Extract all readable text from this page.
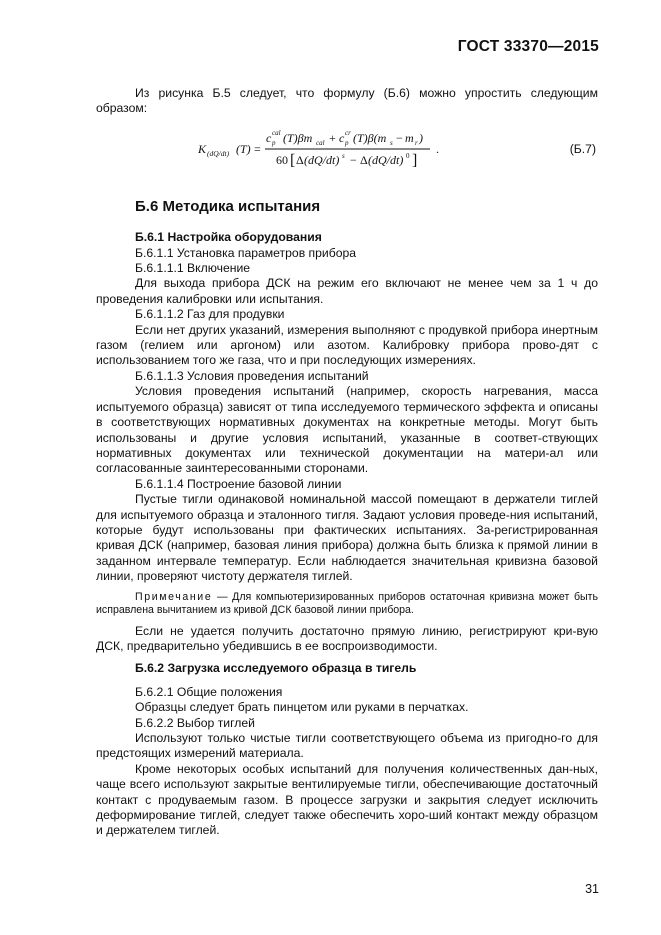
ГОСТ 33370—2015

Из рисунка Б.5 следует, что формулу (Б.6) можно упростить следующим образом:

K (dQ/dt) (T) =
c cal
p (T)βm cal + c cr
p (T)β(m s − m r )
60 [ Δ (dQ/dt) s − Δ (dQ/dt) 0 ]
.	(Б.7)
Б.6 Методика испытания
Б.6.1 Настройка оборудования
Б.6.1.1 Установка параметров прибора
Б.6.1.1.1 Включение

Для выхода прибора ДСК на режим его включают не менее чем за 1 ч до проведения калибровки или испытания.

Б.6.1.1.2 Газ для продувки

Если нет других указаний, измерения выполняют с продувкой прибора инертным газом (гелием или аргоном) или азотом. Калибровку прибора прово-дят с использованием того же газа, что и при последующих измерениях.

Б.6.1.1.3 Условия проведения испытаний

Условия проведения испытаний (например, скорость нагревания, масса испытуемого образца) зависят от типа исследуемого термического эффекта и описаны в соответствующих нормативных документах на конкретные методы. Могут быть использованы и другие условия испытаний, указанные в соответ-ствующих нормативных документах или технической документации на матери-ал или согласованные заинтересованными сторонами.

Б.6.1.1.4 Построение базовой линии

Пустые тигли одинаковой номинальной массой помещают в держатели тиглей для испытуемого образца и эталонного тигля. Задают условия проведе-ния испытаний, которые будут использованы при фактических испытаниях. За-регистрированная кривая ДСК (например, базовая линия прибора) должна быть близка к прямой линии в заданном интервале температур. Если наблюдается значительная кривизна базовой линии, проверяют чистоту держателя тиглей.

Примечание — Для компьютеризированных приборов остаточная кривизна может быть исправлена вычитанием из кривой ДСК базовой линии прибора.

Если не удается получить достаточно прямую линию, регистрируют кри-вую ДСК, предварительно убедившись в ее воспроизводимости.

Б.6.2 Загрузка исследуемого образца в тигель
Б.6.2.1 Общие положения

Образцы следует брать пинцетом или руками в перчатках.

Б.6.2.2 Выбор тиглей

Используют только чистые тигли соответствующего объема из пригодно-го для предстоящих измерений материала.

Кроме некоторых особых испытаний для получения количественных дан-ных, чаще всего используют закрытые вентилируемые тигли, обеспечивающие достаточный контакт с продуваемым газом. В процессе загрузки и закрытия следует исключить деформирование тиглей, следует также обеспечить хоро-ший контакт между образцом и держателем тиглей.

31
